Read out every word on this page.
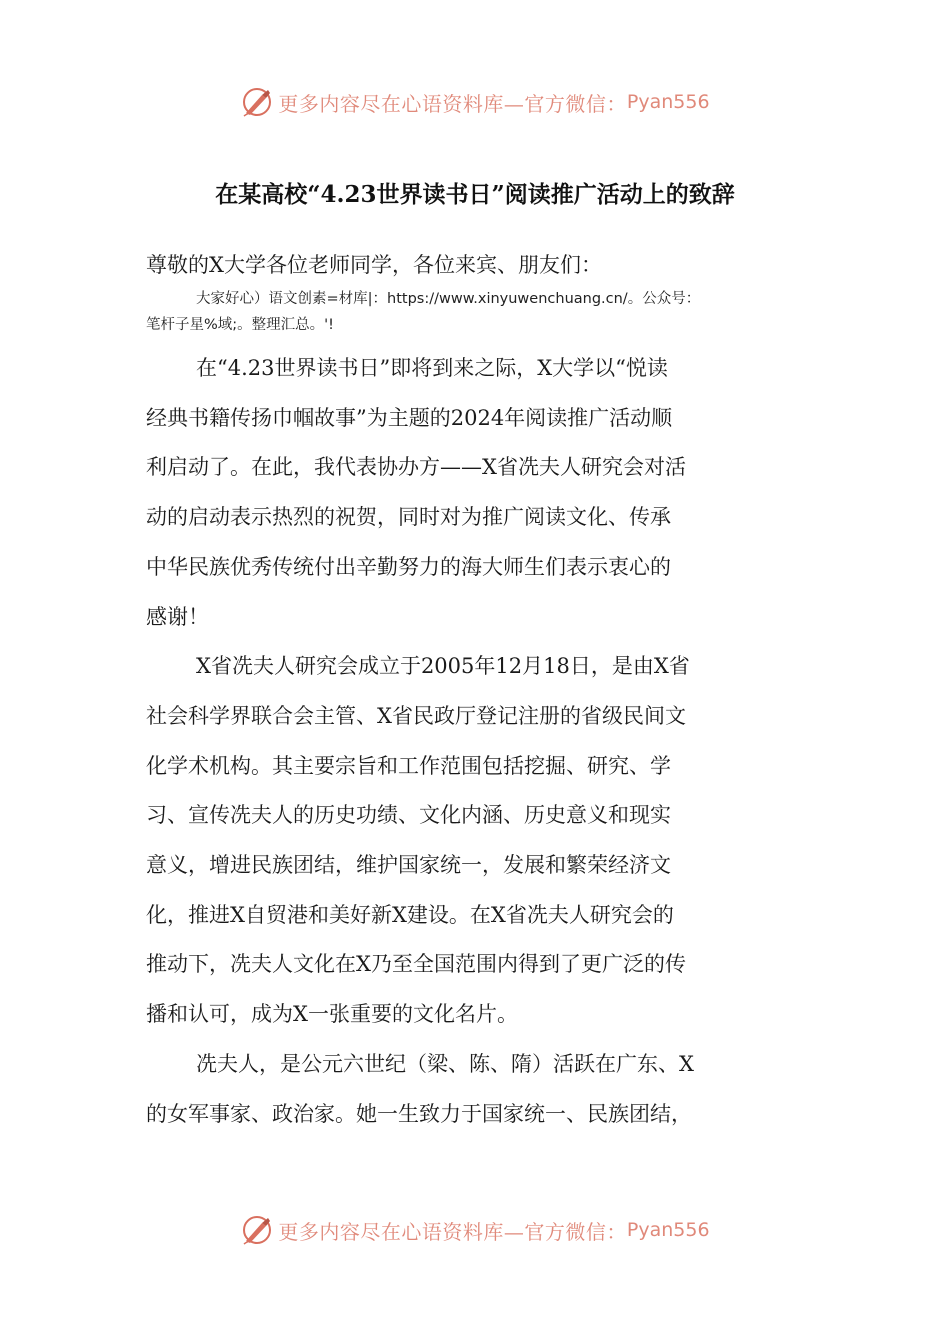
更多内容尽在心语资料库—官方微信： Pyan556
在某高校“4.23世界读书日”阅读推广活动上的致辞

尊敬的X大学各位老师同学，各位来宾、朋友们：

大家好心）语文创素=材库|：https://www.xinyuwenchuang.cn/。公众号：
笔杆子星%域;。整理汇总。'!

在“4.23世界读书日”即将到来之际，X大学以“悦读
经典书籍传扬巾帼故事”为主题的2024年阅读推广活动顺
利启动了。在此，我代表协办方——X省冼夫人研究会对活
动的启动表示热烈的祝贺，同时对为推广阅读文化、传承
中华民族优秀传统付出辛勤努力的海大师生们表示衷心的
感谢！

X省冼夫人研究会成立于2005年12月18日，是由X省
社会科学界联合会主管、X省民政厅登记注册的省级民间文
化学术机构。其主要宗旨和工作范围包括挖掘、研究、学
习、宣传冼夫人的历史功绩、文化内涵、历史意义和现实
意义，增进民族团结，维护国家统一，发展和繁荣经济文
化，推进X自贸港和美好新X建设。在X省冼夫人研究会的
推动下，冼夫人文化在X乃至全国范围内得到了更广泛的传
播和认可，成为X一张重要的文化名片。

冼夫人，是公元六世纪（梁、陈、隋）活跃在广东、X
的女军事家、政治家。她一生致力于国家统一、民族团结，

更多内容尽在心语资料库—官方微信： Pyan556
